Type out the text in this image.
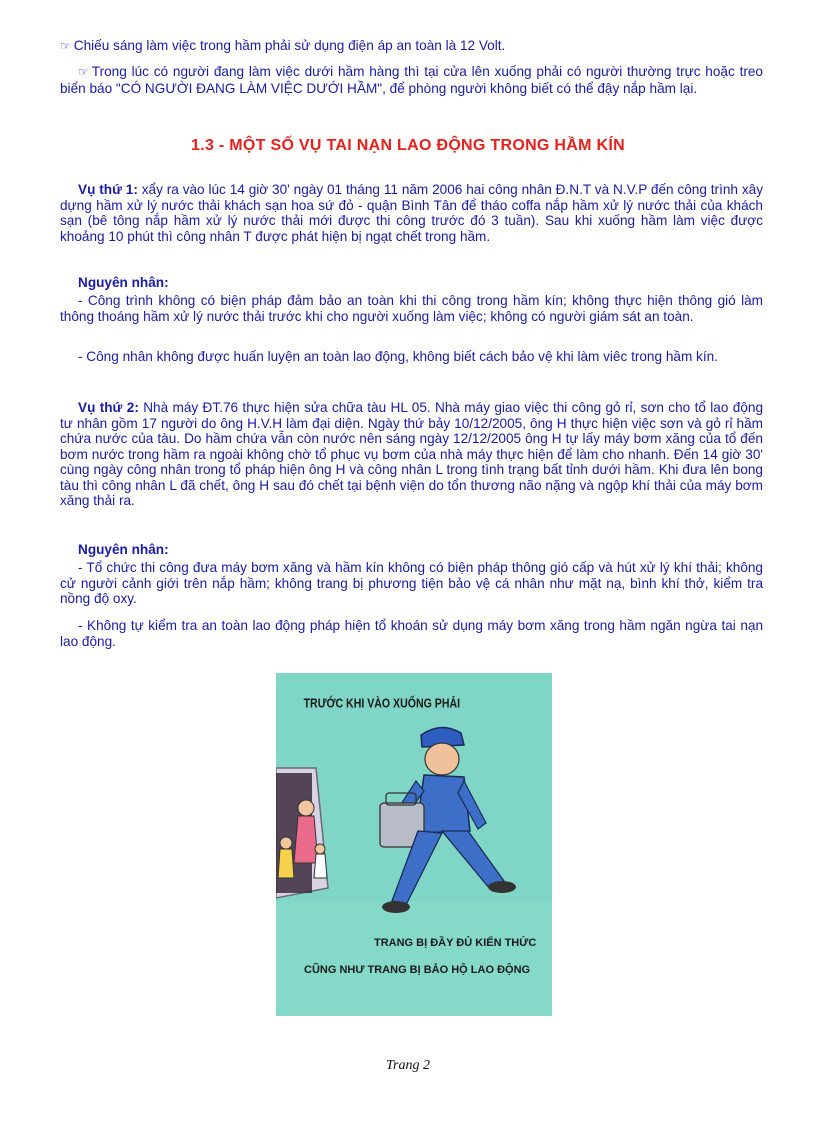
☞ Chiếu sáng làm việc trong hầm phải sử dụng điện áp an toàn là 12 Volt.
☞ Trong lúc có người đang làm việc dưới hầm hàng thì tại cửa lên xuống phải có người thường trực hoặc treo biển báo "CÓ NGƯỜI ĐANG LÀM VIỆC DƯỚI HẦM", để phòng người không biết có thể đậy nắp hầm lại.
1.3 - MỘT SỐ VỤ TAI NẠN LAO ĐỘNG TRONG HẦM KÍN
Vụ thứ 1: xẩy ra vào lúc 14 giờ 30' ngày 01 tháng 11 năm 2006 hai công nhân Đ.N.T và N.V.P đến công trình xây dựng hầm xử lý nước thải khách sạn hoa sứ đỏ - quận Bình Tân để tháo coffa nắp hầm xử lý nước thải của khách sạn (bê tông nắp hầm xử lý nước thải mới được thi công trước đó 3 tuần). Sau khi xuống hầm làm việc được khoảng 10 phút thì công nhân T được phát hiện bị ngạt chết trong hầm.
Nguyên nhân:
- Công trình không có biện pháp đảm bảo an toàn khi thi công trong hầm kín; không thực hiện thông gió làm thông thoáng hầm xử lý nước thải trước khi cho người xuống làm việc; không có người giám sát an toàn.
- Công nhân không được huấn luyện an toàn lao động, không biết cách bảo vệ khi làm viêc trong hầm kín.
Vụ thứ 2: Nhà máy ĐT.76 thực hiện sửa chữa tàu HL 05. Nhà máy giao việc thi công gỏ rỉ, sơn cho tổ lao động tư nhân gồm 17 người do ông H.V.H làm đại diện. Ngày thứ bảy 10/12/2005, ông H thực hiện việc sơn và gỏ rỉ hầm chứa nước của tàu. Do hầm chứa vẫn còn nước nên sáng ngày 12/12/2005 ông H tự lấy máy bơm xăng của tổ đến bơm nước trong hầm ra ngoài không chờ tổ phục vụ bơm của nhà máy thực hiện để làm cho nhanh. Đến 14 giờ 30' cùng ngày công nhân trong tổ pháp hiện ông H và công nhân L trong tình trạng bất tỉnh dưới hầm. Khi đưa lên bong tàu thì công nhân L đã chết, ông H sau đó chết tại bệnh viện do tổn thương não nặng và ngộp khí thải của máy bơm xăng thải ra.
Nguyên nhân:
- Tổ chức thi công đưa máy bơm xăng và hầm kín không có biện pháp thông gió cấp và hút xử lý khí thải; không cử người cảnh giới trên nắp hầm; không trang bị phương tiện bảo vệ cá nhân như mặt nạ, bình khí thở, kiểm tra nồng độ oxy.
- Không tự kiểm tra an toàn lao động pháp hiện tổ khoán sử dụng máy bơm xăng trong hầm ngăn ngừa tai nạn lao động.
TRƯỚC KHI VÀO XUỐNG PHẢI
TRANG BỊ ĐẦY ĐỦ KIẾN THỨC
CŨNG NHƯ TRANG BỊ BẢO HỘ LAO ĐỘNG
Trang 2
